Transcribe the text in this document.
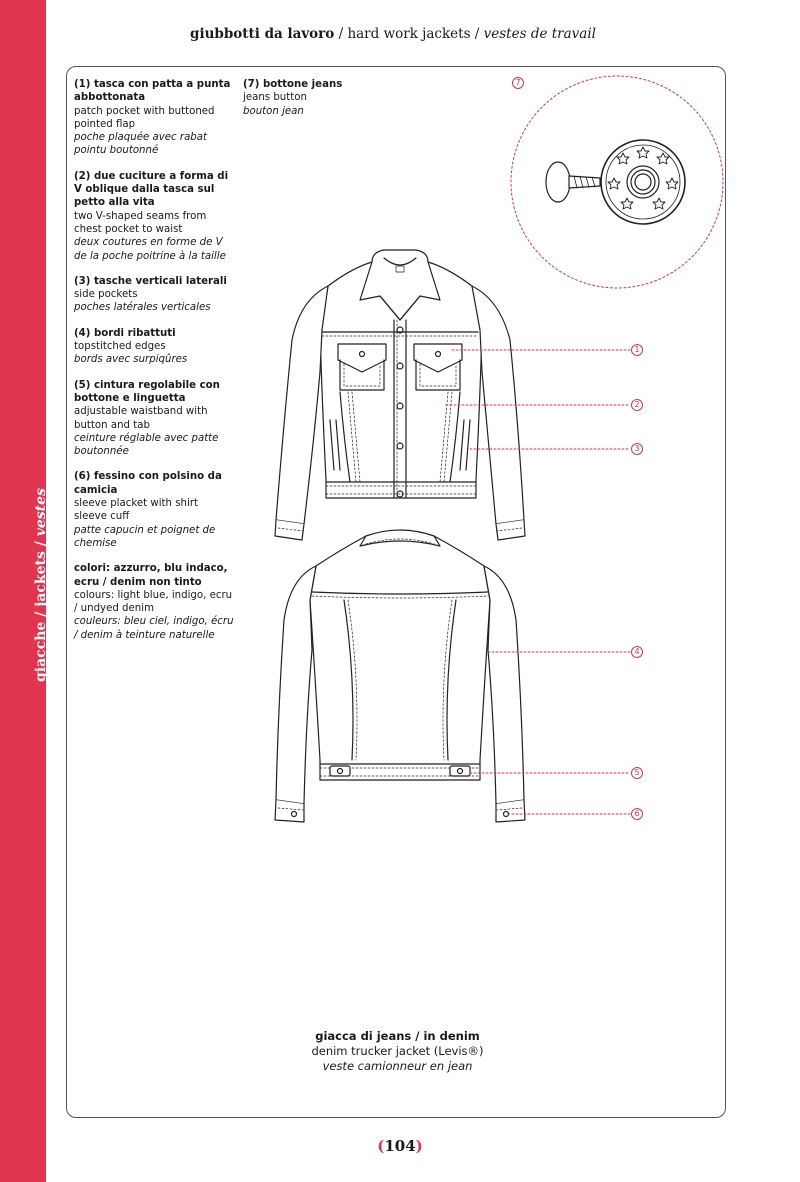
giacche / jackets / vestes
giubbotti da lavoro / hard work jackets / vestes de travail
(1) tasca con patta a punta abbottonata
patch pocket with buttoned pointed flap
poche plaquée avec rabat pointu boutonné
(2) due cuciture a forma di V oblique dalla tasca sul petto alla vita
two V-shaped seams from chest pocket to waist
deux coutures en forme de V de la poche poitrine à la taille
(3) tasche verticali laterali
side pockets
poches latérales verticales
(4) bordi ribattuti
topstitched edges
bords avec surpiqûres
(5) cintura regolabile con bottone e linguetta
adjustable waistband with button and tab
ceinture réglable avec patte boutonnée
(6) fessino con polsino da camicia
sleeve placket with shirt sleeve cuff
patte capucin et poignet de chemise
colori: azzurro, blu indaco, ecru / denim non tinto
colours: light blue, indigo, ecru / undyed denim
couleurs: bleu ciel, indigo, écru / denim à teinture naturelle
(7) bottone jeans
jeans button
bouton jean
1
2
3
4
5
6
7
giacca di jeans / in denim
denim trucker jacket (Levis®)
veste camionneur en jean
(104)
